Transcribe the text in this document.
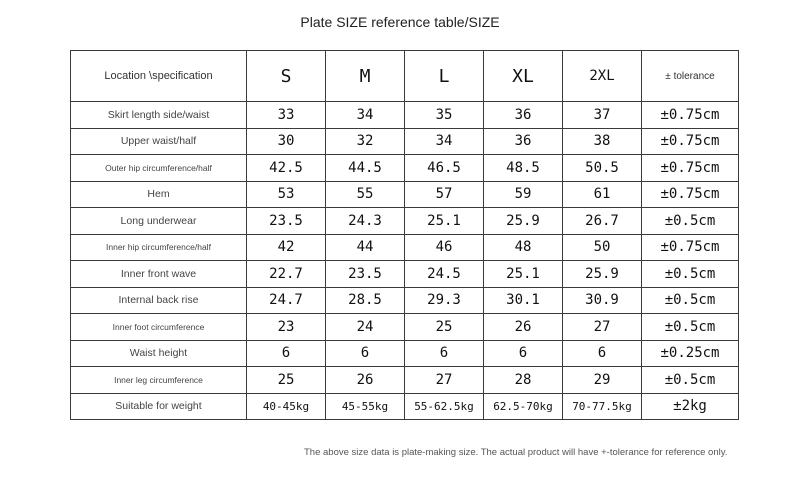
Plate SIZE reference table/SIZE
Location \specification	S	M	L	XL	2XL	± tolerance
Skirt length side/waist	33	34	35	36	37	±0.75cm
Upper waist/half	30	32	34	36	38	±0.75cm
Outer hip circumference/half	42.5	44.5	46.5	48.5	50.5	±0.75cm
Hem	53	55	57	59	61	±0.75cm
Long underwear	23.5	24.3	25.1	25.9	26.7	±0.5cm
Inner hip circumference/half	42	44	46	48	50	±0.75cm
Inner front wave	22.7	23.5	24.5	25.1	25.9	±0.5cm
Internal back rise	24.7	28.5	29.3	30.1	30.9	±0.5cm
Inner foot circumference	23	24	25	26	27	±0.5cm
Waist height	6	6	6	6	6	±0.25cm
Inner leg circumference	25	26	27	28	29	±0.5cm
Suitable for weight	40-45kg	45-55kg	55-62.5kg	62.5-70kg	70-77.5kg	±2kg
The above size data is plate-making size. The actual product will have +-tolerance for reference only.
